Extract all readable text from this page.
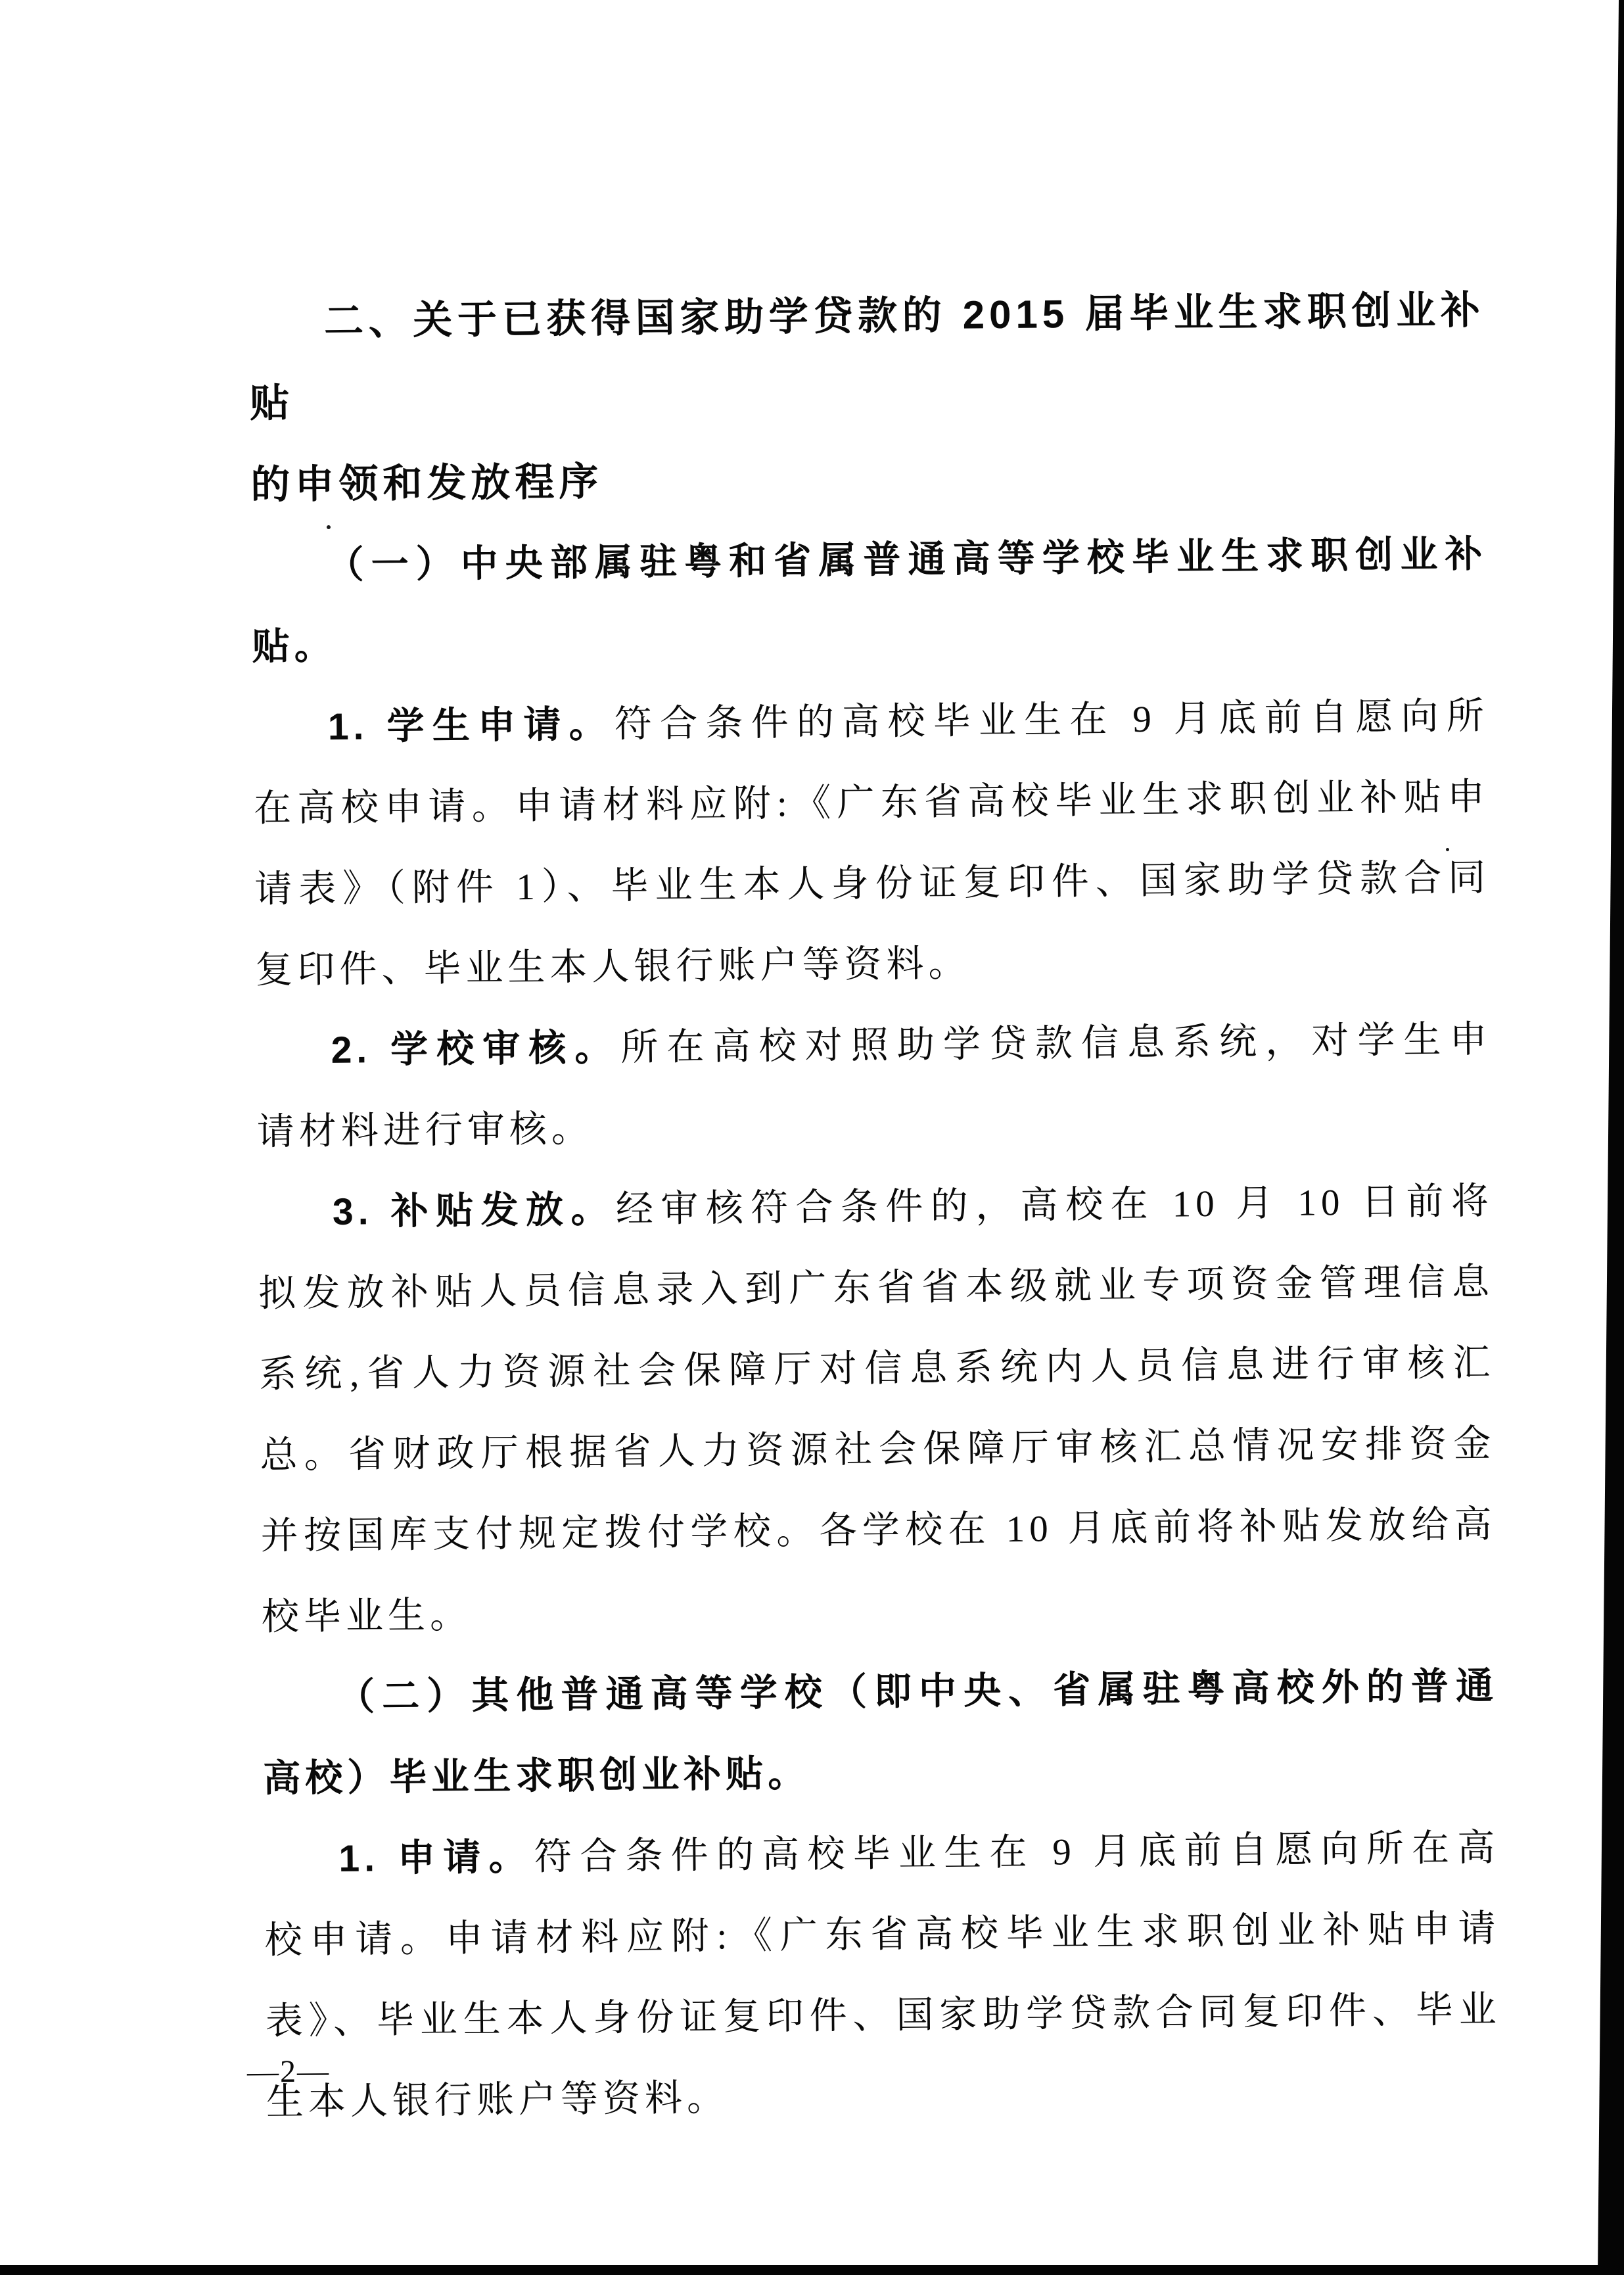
二、关于已获得国家助学贷款的 2015 届毕业生求职创业补贴
的申领和发放程序
（一）中央部属驻粤和省属普通高等学校毕业生求职创业补
贴。
1. 学生申请。符合条件的高校毕业生在 9 月底前自愿向所
在高校申请。申请材料应附:《广东省高校毕业生求职创业补贴申
请表》（附件 1）、毕业生本人身份证复印件、国家助学贷款合同
复印件、毕业生本人银行账户等资料。
2. 学校审核。所在高校对照助学贷款信息系统，对学生申
请材料进行审核。
3. 补贴发放。经审核符合条件的，高校在 10 月 10 日前将
拟发放补贴人员信息录入到广东省省本级就业专项资金管理信息
系统,省人力资源社会保障厅对信息系统内人员信息进行审核汇
总。省财政厅根据省人力资源社会保障厅审核汇总情况安排资金
并按国库支付规定拨付学校。各学校在 10 月底前将补贴发放给高
校毕业生。
（二）其他普通高等学校（即中央、省属驻粤高校外的普通
高校）毕业生求职创业补贴。
1. 申请。符合条件的高校毕业生在 9 月底前自愿向所在高
校申请。申请材料应附:《广东省高校毕业生求职创业补贴申请
表》、毕业生本人身份证复印件、国家助学贷款合同复印件、毕业
生本人银行账户等资料。
—2—
